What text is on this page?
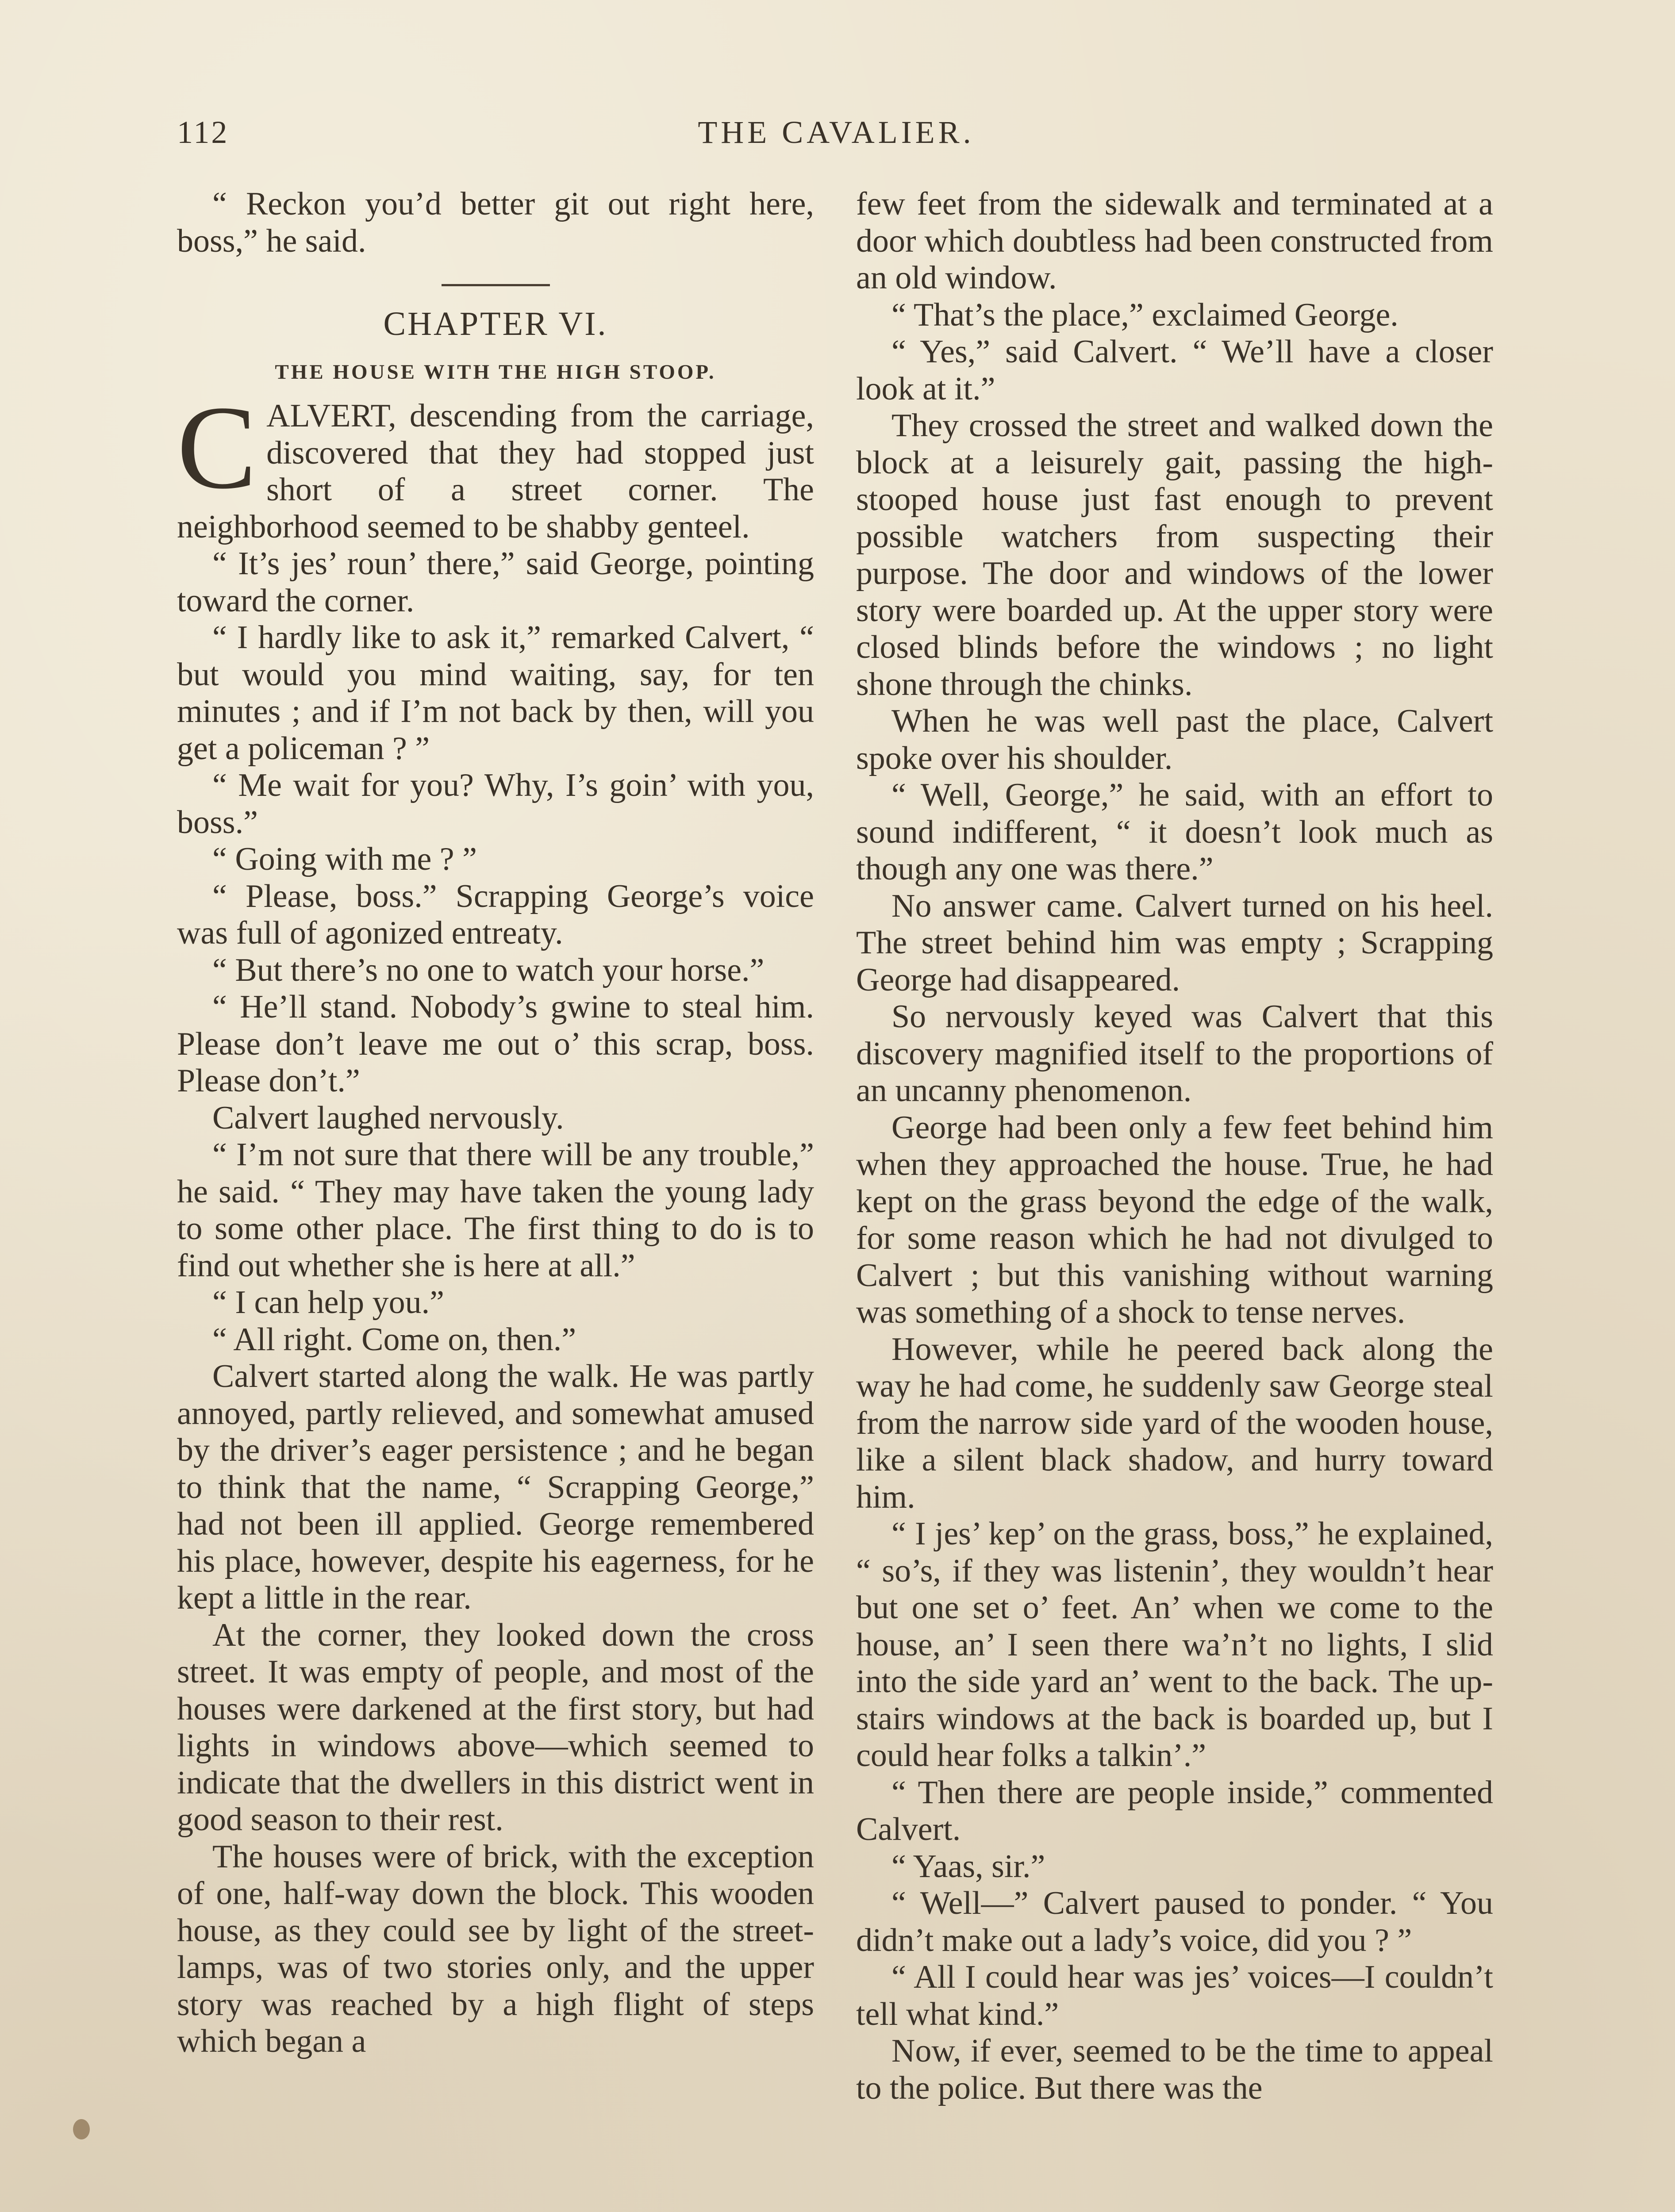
112	THE CAVALIER.

“ Reckon you’d better git out right here, boss,” he said.

CHAPTER VI.
THE HOUSE WITH THE HIGH STOOP.

CALVERT, descending from the carriage, discovered that they had stopped just short of a street corner. The neighborhood seemed to be shabby genteel.

“ It’s jes’ roun’ there,” said George, pointing toward the corner.

“ I hardly like to ask it,” remarked Calvert, “ but would you mind waiting, say, for ten minutes ; and if I’m not back by then, will you get a policeman ? ”

“ Me wait for you? Why, I’s goin’ with you, boss.”

“ Going with me ? ”

“ Please, boss.” Scrapping George’s voice was full of agonized entreaty.

“ But there’s no one to watch your horse.”

“ He’ll stand. Nobody’s gwine to steal him. Please don’t leave me out o’ this scrap, boss. Please don’t.”

Calvert laughed nervously.

“ I’m not sure that there will be any trouble,” he said. “ They may have taken the young lady to some other place. The first thing to do is to find out whether she is here at all.”

“ I can help you.”

“ All right. Come on, then.”

Calvert started along the walk. He was partly annoyed, partly relieved, and somewhat amused by the driver’s eager persistence ; and he began to think that the name, “ Scrapping George,” had not been ill applied. George remembered his place, however, despite his eagerness, for he kept a little in the rear.

At the corner, they looked down the cross street. It was empty of people, and most of the houses were darkened at the first story, but had lights in windows above—which seemed to indicate that the dwellers in this district went in good season to their rest.

The houses were of brick, with the exception of one, half-way down the block. This wooden house, as they could see by light of the street-lamps, was of two stories only, and the upper story was reached by a high flight of steps which began a

few feet from the sidewalk and terminated at a door which doubtless had been constructed from an old window.

“ That’s the place,” exclaimed George.

“ Yes,” said Calvert. “ We’ll have a closer look at it.”

They crossed the street and walked down the block at a leisurely gait, passing the high-stooped house just fast enough to prevent possible watchers from suspecting their purpose. The door and windows of the lower story were boarded up. At the upper story were closed blinds before the windows ; no light shone through the chinks.

When he was well past the place, Calvert spoke over his shoulder.

“ Well, George,” he said, with an effort to sound indifferent, “ it doesn’t look much as though any one was there.”

No answer came. Calvert turned on his heel. The street behind him was empty ; Scrapping George had disappeared.

So nervously keyed was Calvert that this discovery magnified itself to the proportions of an uncanny phenomenon.

George had been only a few feet behind him when they approached the house. True, he had kept on the grass beyond the edge of the walk, for some reason which he had not divulged to Calvert ; but this vanishing without warning was something of a shock to tense nerves.

However, while he peered back along the way he had come, he suddenly saw George steal from the narrow side yard of the wooden house, like a silent black shadow, and hurry toward him.

“ I jes’ kep’ on the grass, boss,” he explained, “ so’s, if they was listenin’, they wouldn’t hear but one set o’ feet. An’ when we come to the house, an’ I seen there wa’n’t no lights, I slid into the side yard an’ went to the back. The up-stairs windows at the back is boarded up, but I could hear folks a talkin’.”

“ Then there are people inside,” commented Calvert.

“ Yaas, sir.”

“ Well—” Calvert paused to ponder. “ You didn’t make out a lady’s voice, did you ? ”

“ All I could hear was jes’ voices—I couldn’t tell what kind.”

Now, if ever, seemed to be the time to appeal to the police. But there was the
